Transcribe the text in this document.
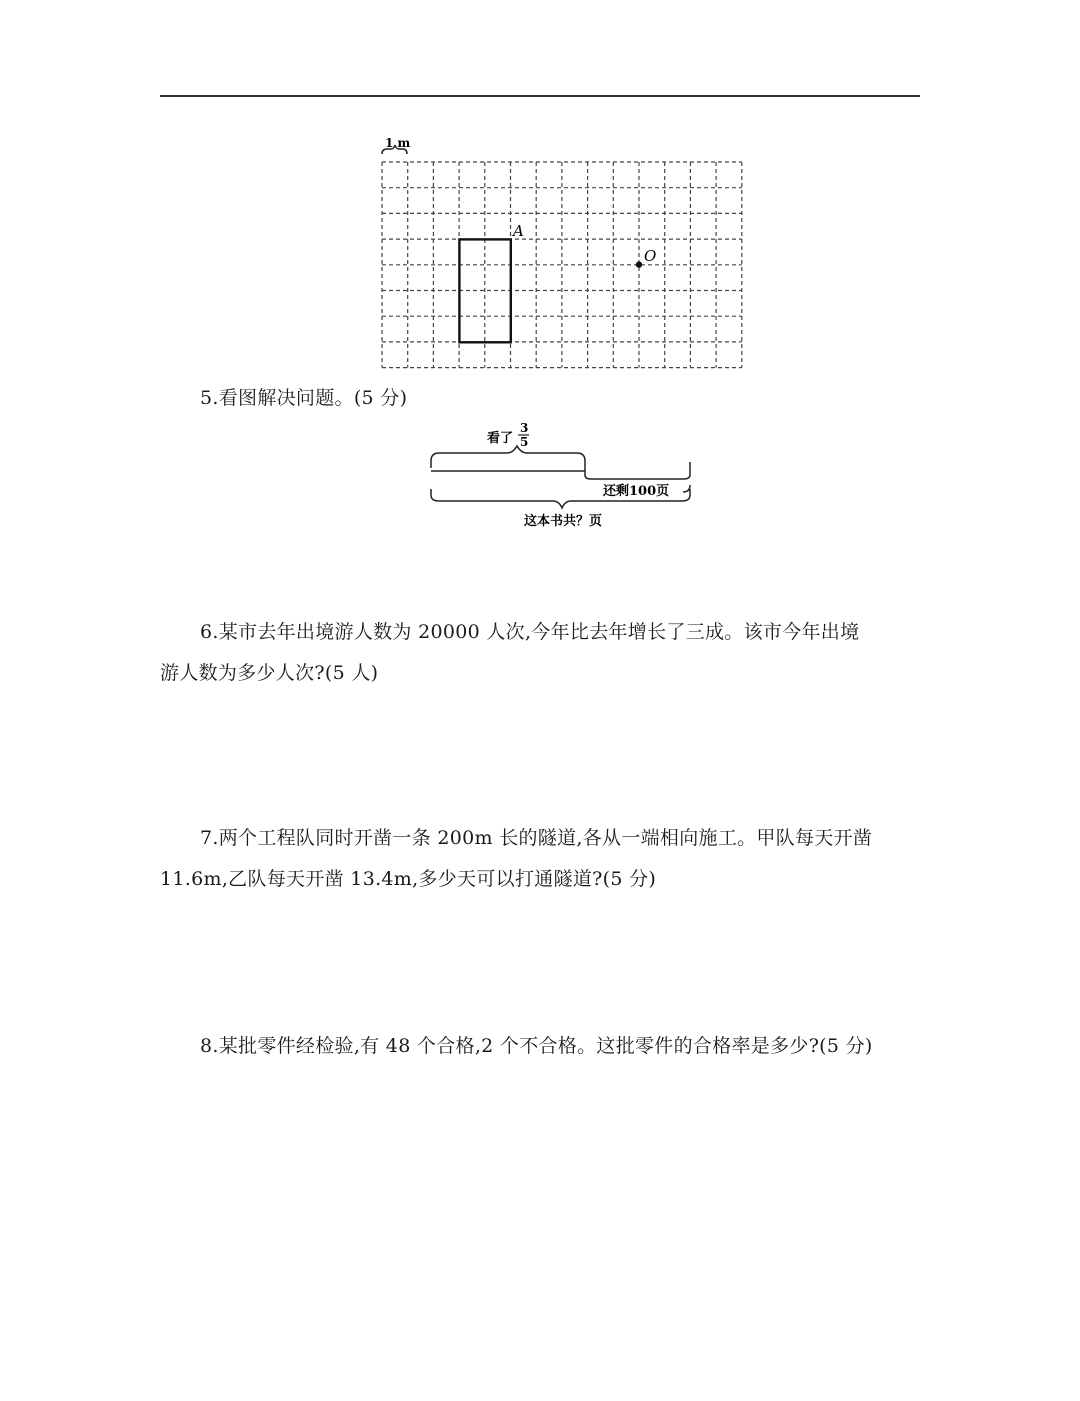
1 m
A
O
5.看图解决问题。(5 分)
看了
3
5
还剩100页
这本书共？页
6.某市去年出境游人数为 20000 人次,今年比去年增长了三成。该市今年出境
游人数为多少人次?(5 人)
7.两个工程队同时开凿一条 200m 长的隧道,各从一端相向施工。甲队每天开凿
11.6m,乙队每天开凿 13.4m,多少天可以打通隧道?(5 分)
8.某批零件经检验,有 48 个合格,2 个不合格。这批零件的合格率是多少?(5 分)
